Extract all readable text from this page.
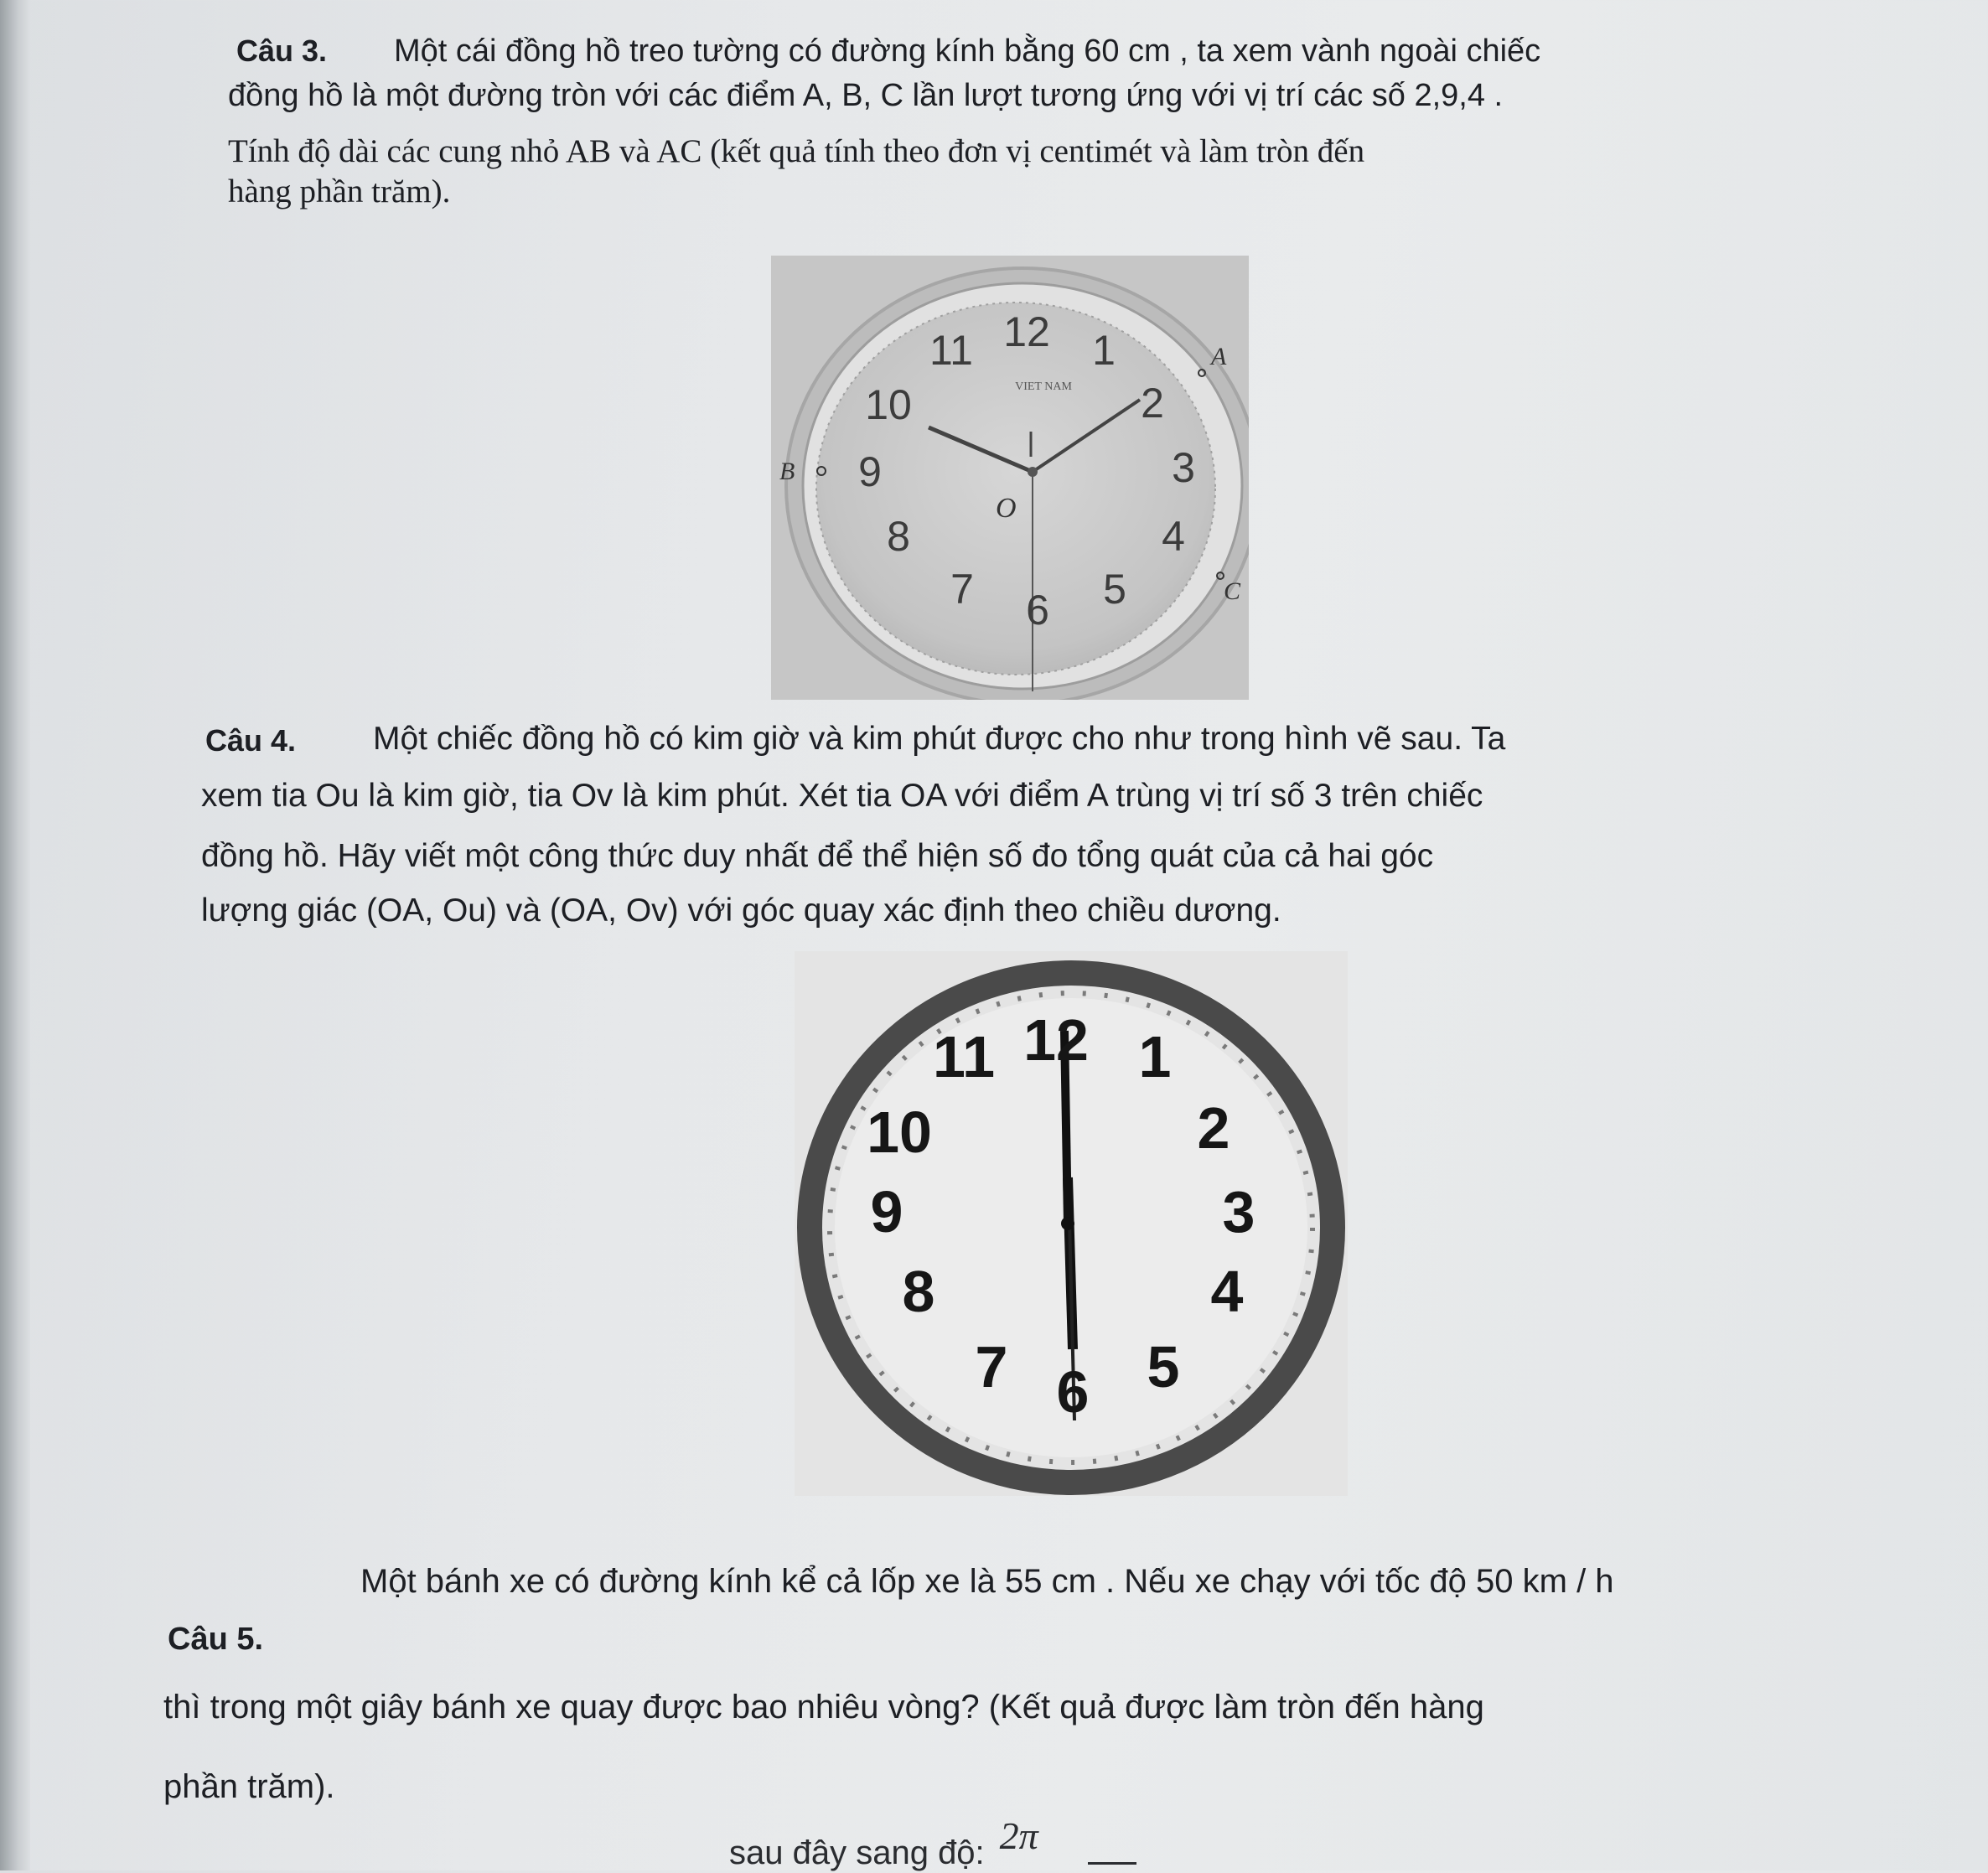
Câu 3. Một cái đồng hồ treo tường có đường kính bằng 60 cm , ta xem vành ngoài chiếc
đồng hồ là một đường tròn với các điểm A, B, C lần lượt tương ứng với vị trí các số 2,9,4 .
Tính độ dài các cung nhỏ AB và AC (kết quả tính theo đơn vị centimét và làm tròn đến
hàng phần trăm).
12 1
2
3
4
5
6
7
8
9
10
11
VIET NAM
O
A
B
C
Câu 4. Một chiếc đồng hồ có kim giờ và kim phút được cho như trong hình vẽ sau. Ta
xem tia Ou là kim giờ, tia Ov là kim phút. Xét tia OA với điểm A trùng vị trí số 3 trên chiếc
đồng hồ. Hãy viết một công thức duy nhất để thể hiện số đo tổng quát của cả hai góc
lượng giác (OA, Ou) và (OA, Ov) với góc quay xác định theo chiều dương.
12 1
2
3
4
5
6
7
8
9
10
11
Câu 5.
Một bánh xe có đường kính kể cả lốp xe là 55 cm . Nếu xe chạy với tốc độ 50 km / h
thì trong một giây bánh xe quay được bao nhiêu vòng? (Kết quả được làm tròn đến hàng
phần trăm).
sau đây sang độ: 2π
